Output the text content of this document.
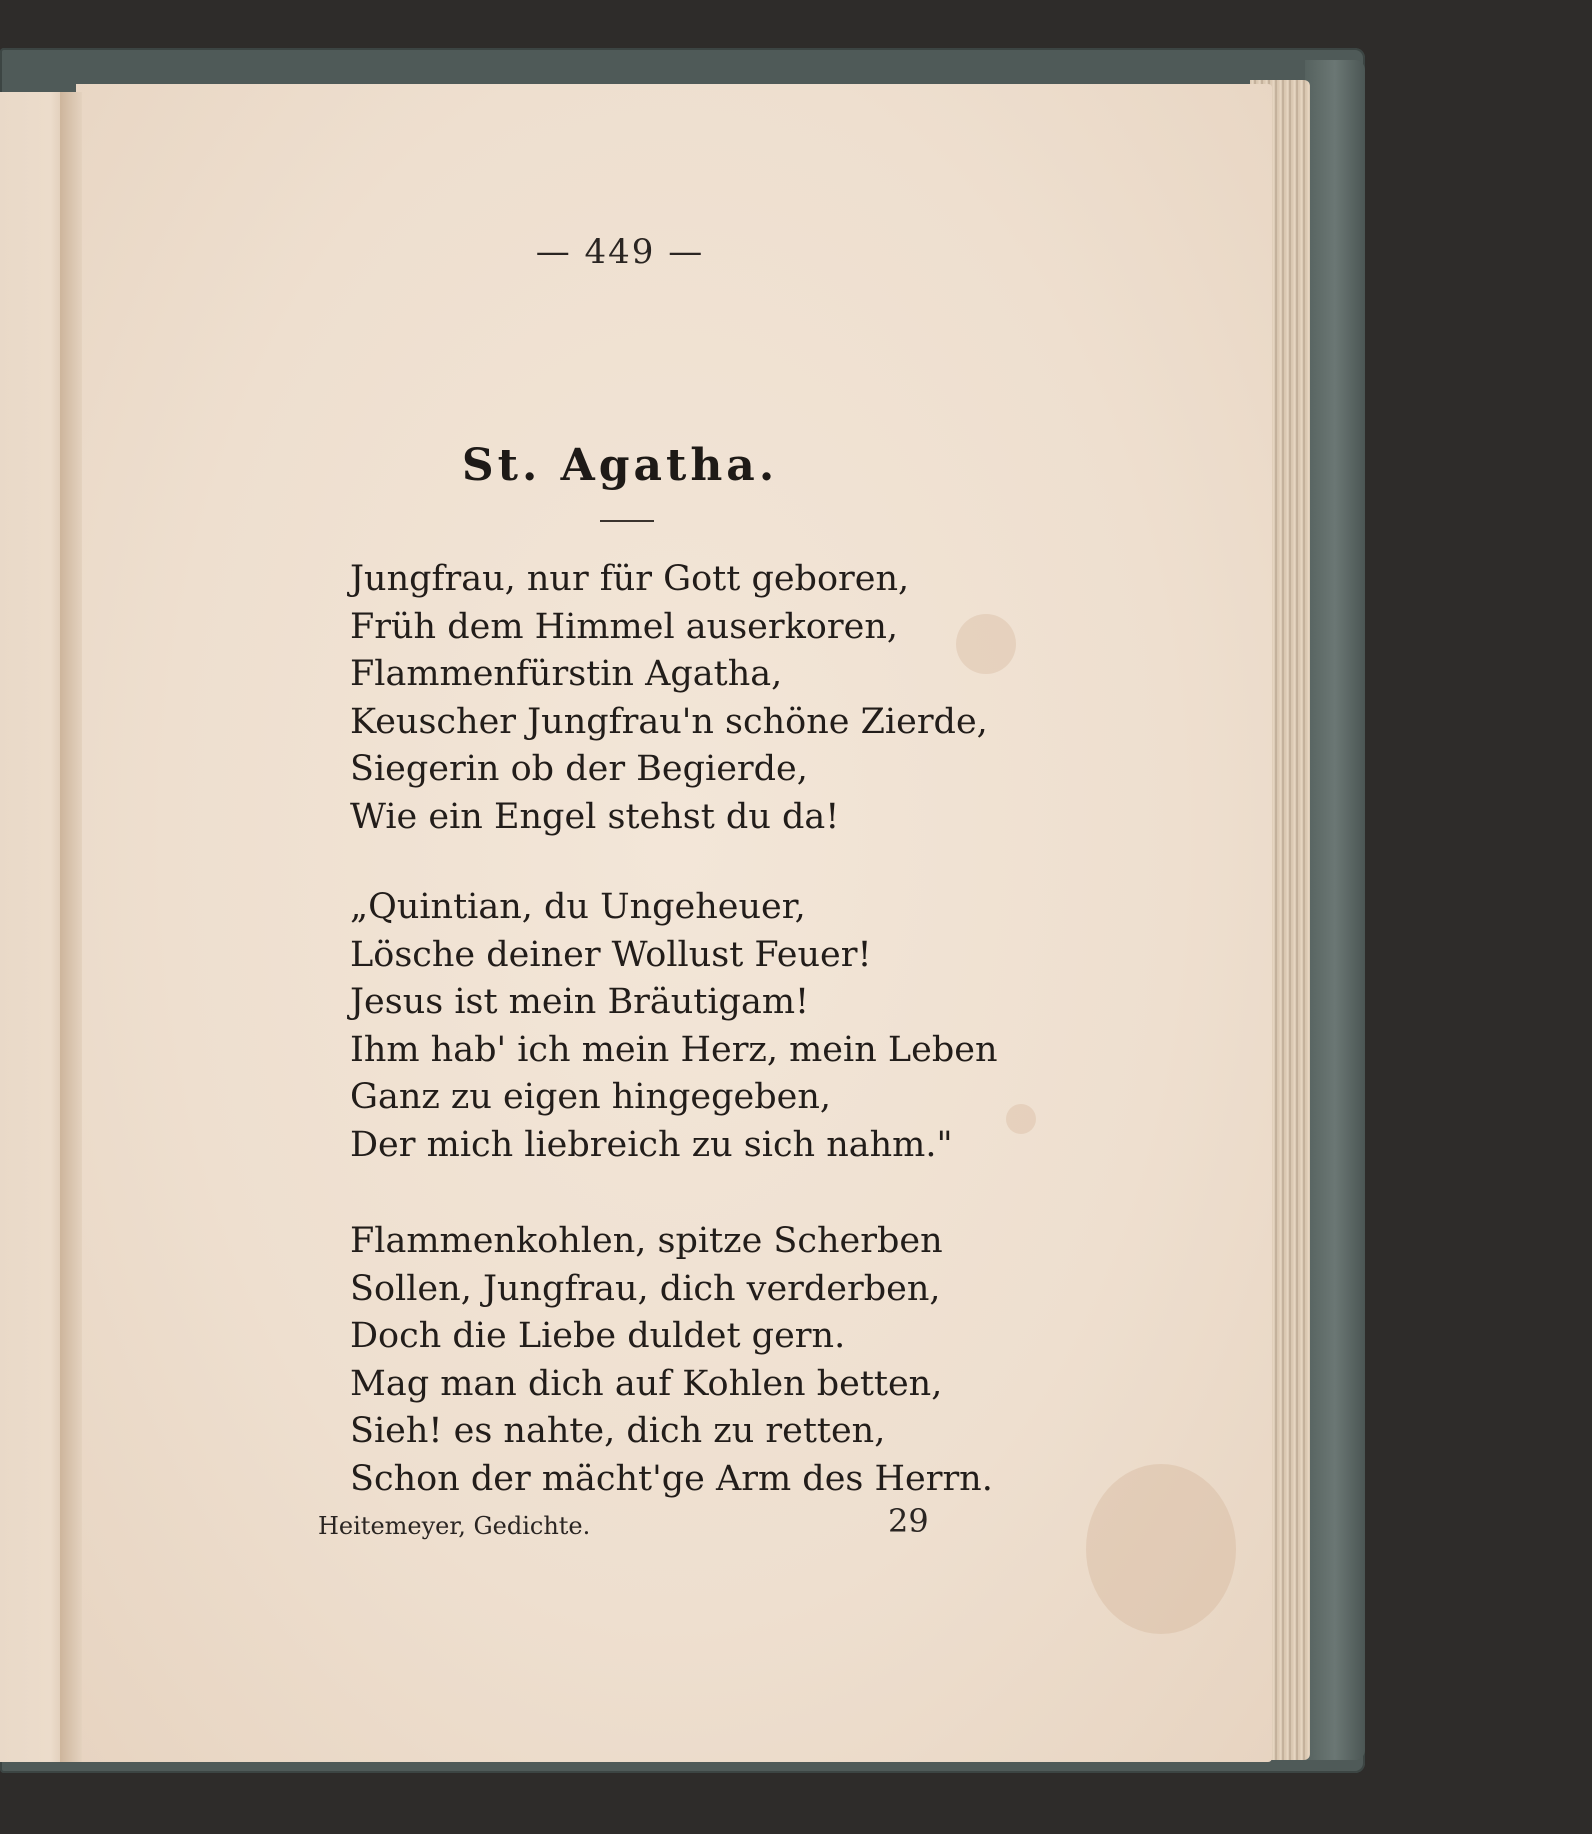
— 449 —
St. Agatha.
Jungfrau, nur für Gott geboren,
Früh dem Himmel auserkoren,
Flammenfürstin Agatha,
Keuscher Jungfrau'n schöne Zierde,
Siegerin ob der Begierde,
Wie ein Engel stehst du da!
„Quintian, du Ungeheuer,
Lösche deiner Wollust Feuer!
Jesus ist mein Bräutigam!
Ihm hab' ich mein Herz, mein Leben
Ganz zu eigen hingegeben,
Der mich liebreich zu sich nahm."
Flammenkohlen, spitze Scherben
Sollen, Jungfrau, dich verderben,
Doch die Liebe duldet gern.
Mag man dich auf Kohlen betten,
Sieh! es nahte, dich zu retten,
Schon der mächt'ge Arm des Herrn.
Heitemeyer, Gedichte.	29
